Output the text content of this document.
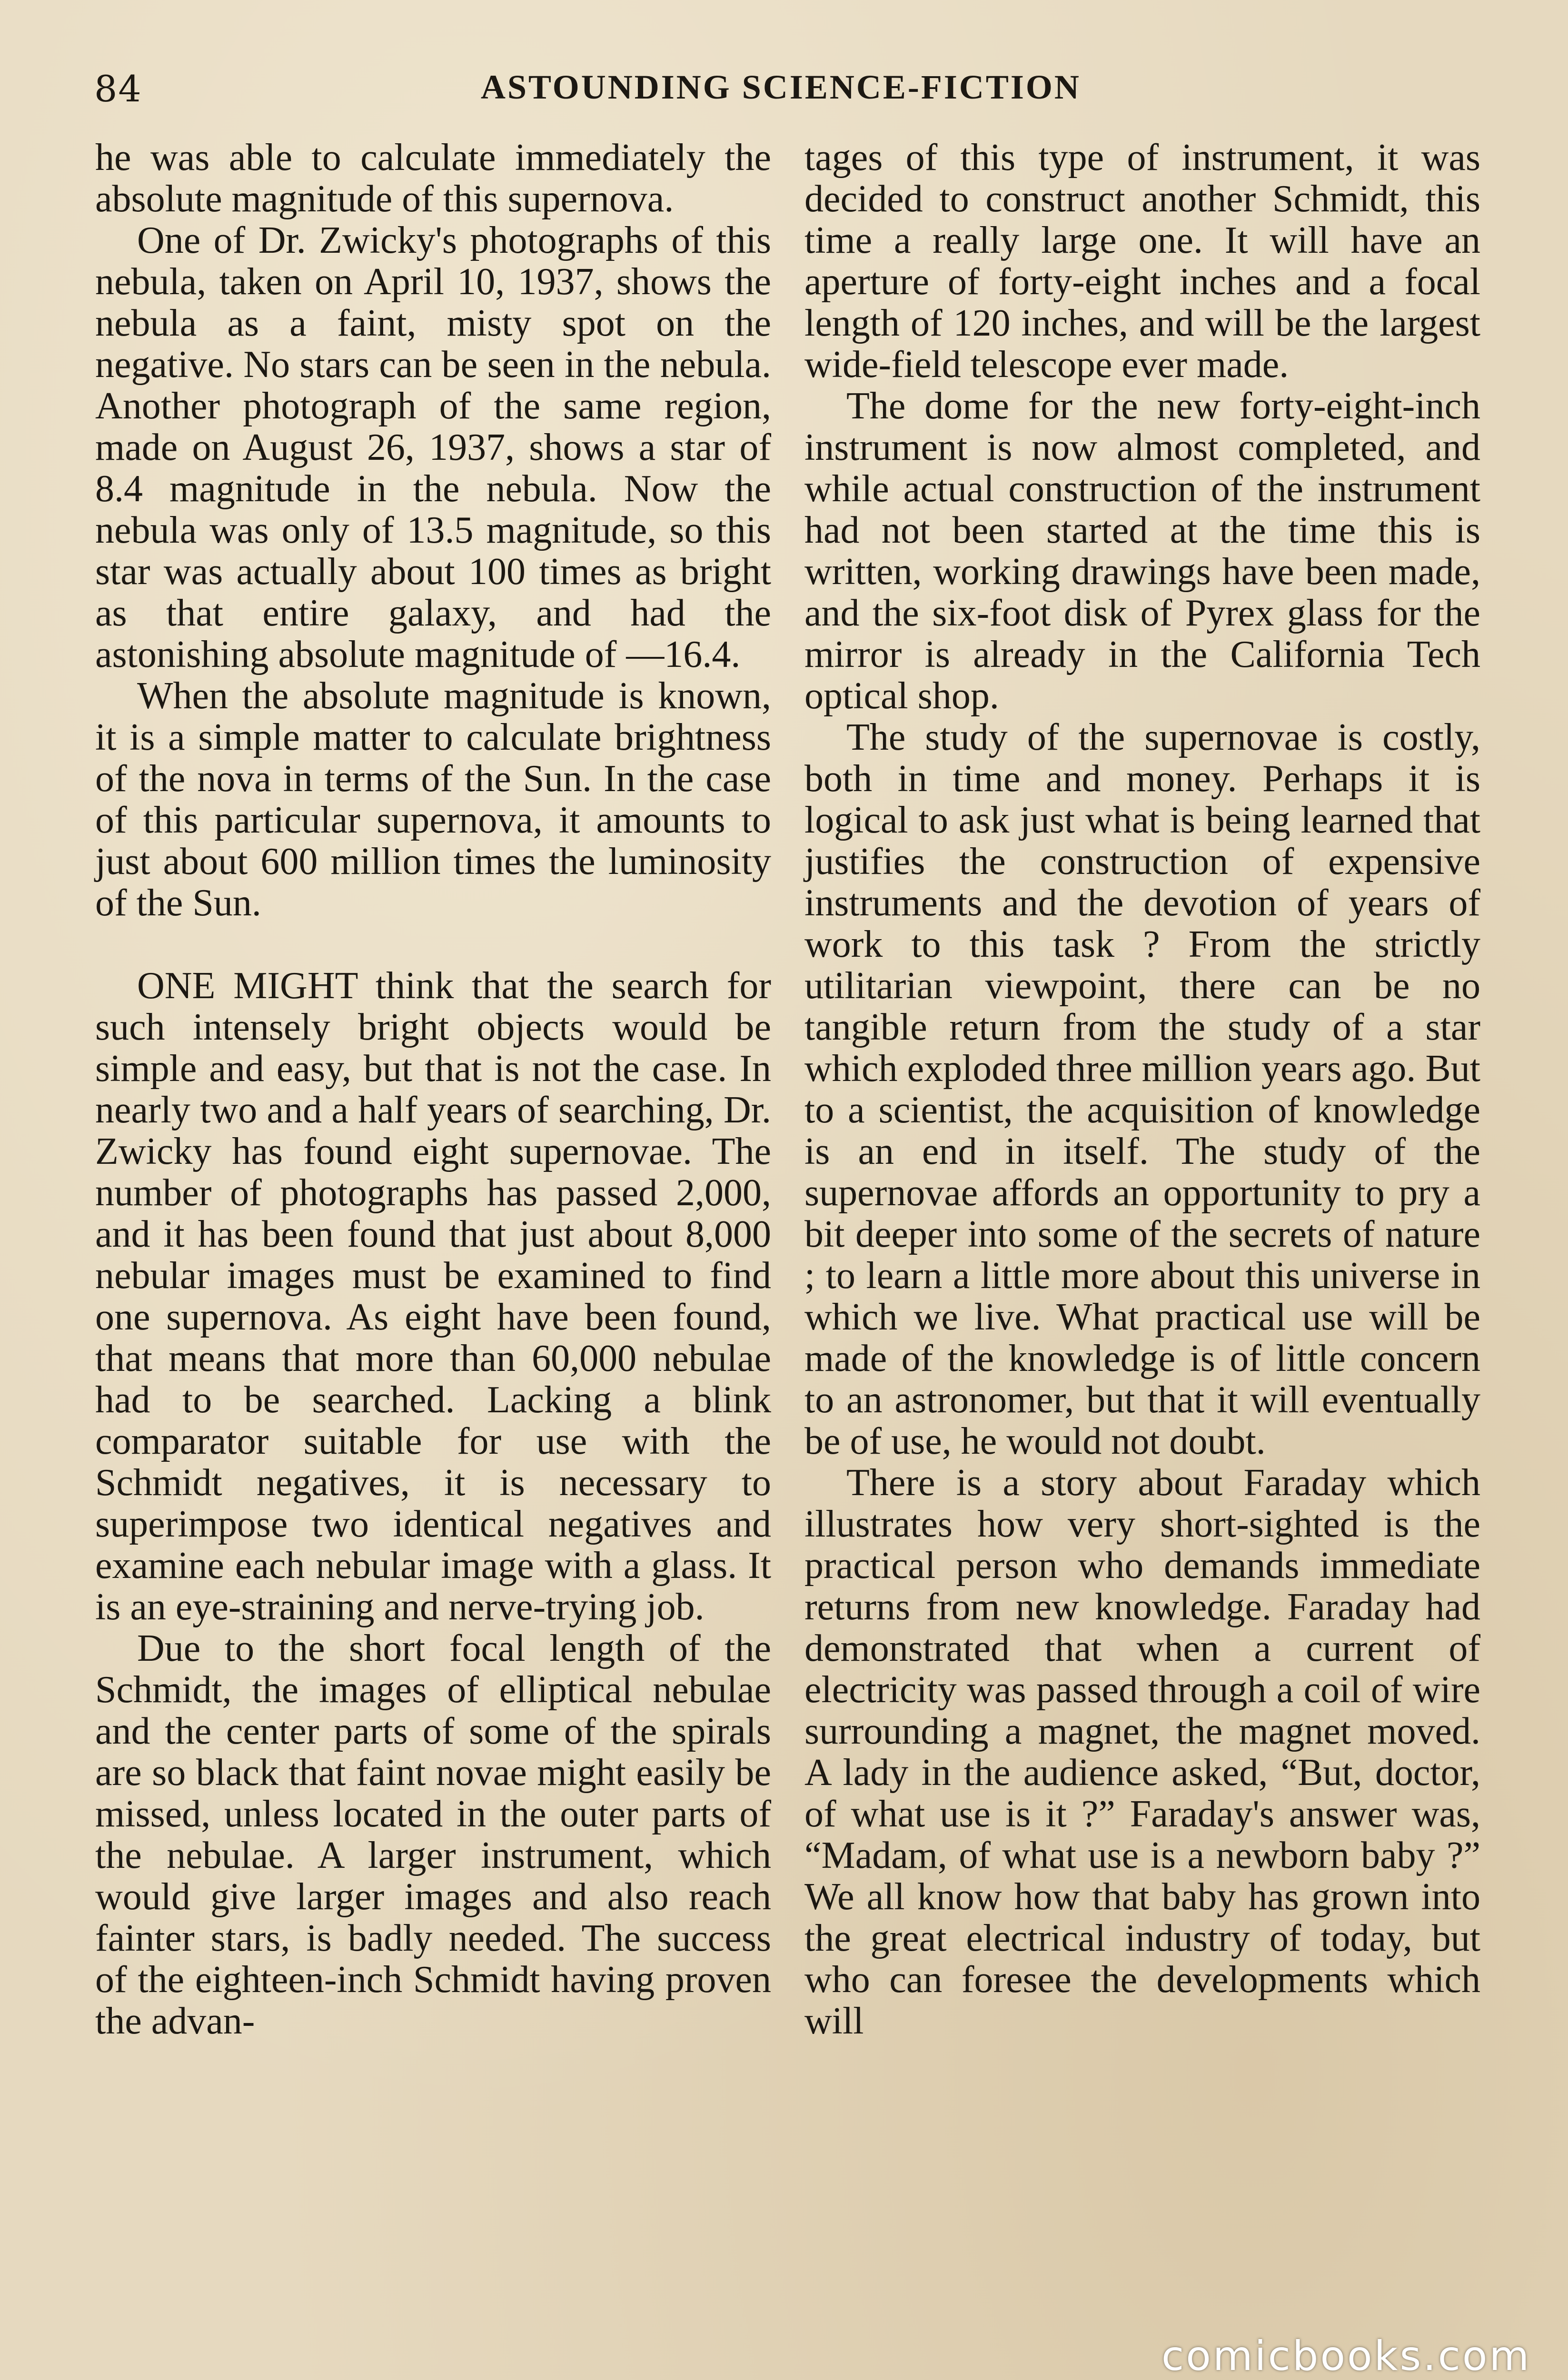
84	ASTOUNDING SCIENCE-FICTION

he was able to calculate immediately the absolute magnitude of this supernova.

One of Dr. Zwicky's photographs of this nebula, taken on April 10, 1937, shows the nebula as a faint, misty spot on the negative. No stars can be seen in the nebula. Another photograph of the same region, made on August 26, 1937, shows a star of 8.4 magnitude in the nebula. Now the nebula was only of 13.5 magnitude, so this star was actually about 100 times as bright as that entire galaxy, and had the astonishing absolute magnitude of —16.4.

When the absolute magnitude is known, it is a simple matter to calculate brightness of the nova in terms of the Sun. In the case of this particular supernova, it amounts to just about 600 million times the luminosity of the Sun.

ONE MIGHT think that the search for such intensely bright objects would be simple and easy, but that is not the case. In nearly two and a half years of searching, Dr. Zwicky has found eight supernovae. The number of photographs has passed 2,000, and it has been found that just about 8,000 nebular images must be examined to find one supernova. As eight have been found, that means that more than 60,000 nebulae had to be searched. Lacking a blink comparator suitable for use with the Schmidt negatives, it is necessary to superimpose two identical negatives and examine each nebular image with a glass. It is an eye-straining and nerve-trying job.

Due to the short focal length of the Schmidt, the images of elliptical nebulae and the center parts of some of the spirals are so black that faint novae might easily be missed, unless located in the outer parts of the nebulae. A larger instrument, which would give larger images and also reach fainter stars, is badly needed. The success of the eighteen-inch Schmidt having proven the advan-

tages of this type of instrument, it was decided to construct another Schmidt, this time a really large one. It will have an aperture of forty-eight inches and a focal length of 120 inches, and will be the largest wide-field telescope ever made.

The dome for the new forty-eight-inch instrument is now almost completed, and while actual construction of the instrument had not been started at the time this is written, working drawings have been made, and the six-foot disk of Pyrex glass for the mirror is already in the California Tech optical shop.

The study of the supernovae is costly, both in time and money. Perhaps it is logical to ask just what is being learned that justifies the construction of expensive instruments and the devotion of years of work to this task ? From the strictly utilitarian viewpoint, there can be no tangible return from the study of a star which exploded three million years ago. But to a scientist, the acquisition of knowledge is an end in itself. The study of the supernovae affords an opportunity to pry a bit deeper into some of the secrets of nature ; to learn a little more about this universe in which we live. What practical use will be made of the knowledge is of little concern to an astronomer, but that it will eventually be of use, he would not doubt.

There is a story about Faraday which illustrates how very short-sighted is the practical person who demands immediate returns from new knowledge. Faraday had demonstrated that when a current of electricity was passed through a coil of wire surrounding a magnet, the magnet moved. A lady in the audience asked, “But, doctor, of what use is it ?” Faraday's answer was, “Madam, of what use is a newborn baby ?” We all know how that baby has grown into the great electrical industry of today, but who can foresee the developments which will

comicbooks.com
